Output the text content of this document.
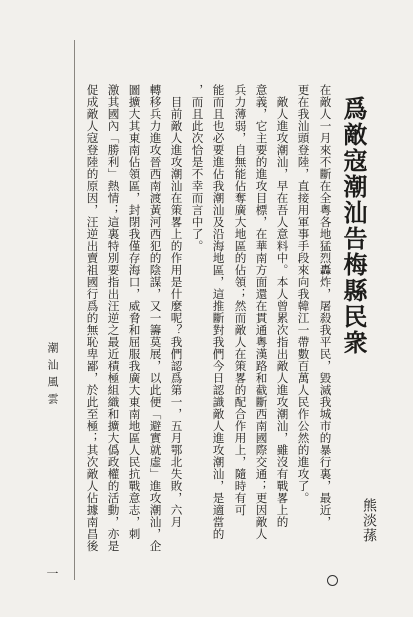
爲敵寇潮汕告梅縣民衆
在敵人一月來不斷在全粵各地猛烈轟炸，屠殺我平民，毀滅我城市的暴行裏，最近，
更在我汕頭登陸，直接用軍事手段來向我韓江一帶數百萬人民作公然的進攻了。
敵人進攻潮汕，早在吾人意料中。本人曾累次指出敵人進攻潮汕，雖沒有戰畧上的
意義，它主要的進攻目標，在華南方面還在貫通粵漢路和截斷西南國際交通；更因敵人
兵力薄弱，自無能佔奪廣大地區的佔領；然而敵人在策畧的配合作用上，隨時有可
能而且也必要進佔我潮汕及沿海地區，這推斷對我們今日認識敵人進攻潮汕，是適當的
，而且此次恰是不幸而言中了。
目前敵人進攻潮汕在策畧上的作用是什麼呢？我們認爲第一，五月鄂北失敗，六月
轉移兵力進攻晉西南渡黃河西犯的陰謀，又一籌莫展，以此便「避實就虛」進攻潮汕，企
圖擴大其東南佔領區，封閉我僅存海口，威脅和屈服我廣大東南地區人民抗戰意志，刺
激其國內「勝利」熱情；這裏特別要指出汪逆之最近積極組織和擴大僞政權的活動，亦是
促成敵人寇登陸的原因，汪逆出賣祖國行爲的無恥卑鄙，於此至極；其次敵人佔據南昌後	熊淡蓀
潮汕風雲
一
